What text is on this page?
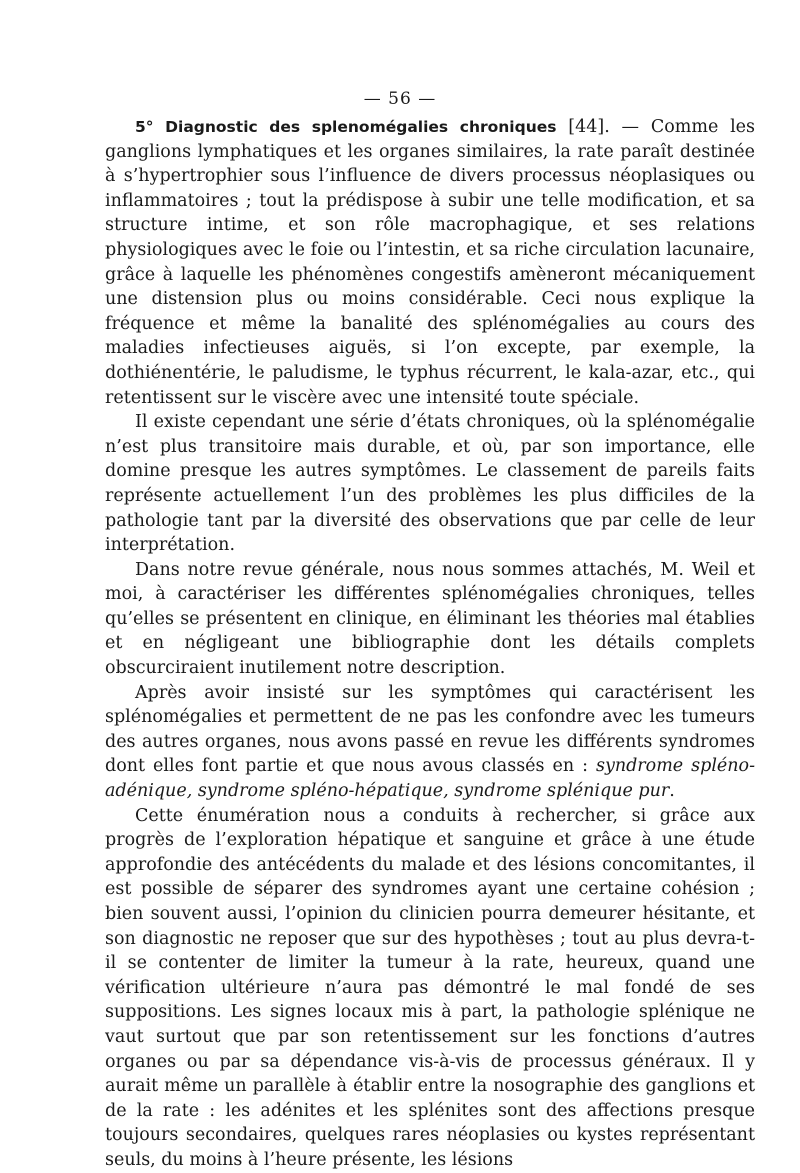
— 56 —

5° Diagnostic des splenomégalies chroniques [44]. — Comme les ganglions lymphatiques et les organes similaires, la rate paraît destinée à s’hypertrophier sous l’influence de divers processus néoplasiques ou inflammatoires ; tout la prédispose à subir une telle modification, et sa structure intime, et son rôle macrophagique, et ses relations physiologiques avec le foie ou l’intestin, et sa riche circulation lacunaire, grâce à laquelle les phénomènes congestifs amèneront mécaniquement une distension plus ou moins considérable. Ceci nous explique la fréquence et même la banalité des splénomégalies au cours des maladies infectieuses aiguës, si l’on excepte, par exemple, la dothiénentérie, le paludisme, le typhus récurrent, le kala-azar, etc., qui retentissent sur le viscère avec une intensité toute spéciale.

Il existe cependant une série d’états chroniques, où la splénomégalie n’est plus transitoire mais durable, et où, par son importance, elle domine presque les autres symptômes. Le classement de pareils faits représente actuellement l’un des problèmes les plus difficiles de la pathologie tant par la diversité des observations que par celle de leur interprétation.

Dans notre revue générale, nous nous sommes attachés, M. Weil et moi, à caractériser les différentes splénomégalies chroniques, telles qu’elles se présentent en clinique, en éliminant les théories mal établies et en négligeant une bibliographie dont les détails complets obscurciraient inutilement notre description.

Après avoir insisté sur les symptômes qui caractérisent les splénomégalies et permettent de ne pas les confondre avec les tumeurs des autres organes, nous avons passé en revue les différents syndromes dont elles font partie et que nous avous classés en : syndrome spléno-adénique, syndrome spléno-hépatique, syndrome splénique pur.

Cette énumération nous a conduits à rechercher, si grâce aux progrès de l’exploration hépatique et sanguine et grâce à une étude approfondie des antécédents du malade et des lésions concomitantes, il est possible de séparer des syndromes ayant une certaine cohésion ; bien souvent aussi, l’opinion du clinicien pourra demeurer hésitante, et son diagnostic ne reposer que sur des hypothèses ; tout au plus devra-t-il se contenter de limiter la tumeur à la rate, heureux, quand une vérification ultérieure n’aura pas démontré le mal fondé de ses suppositions. Les signes locaux mis à part, la pathologie splénique ne vaut surtout que par son retentissement sur les fonctions d’autres organes ou par sa dépendance vis-à-vis de processus généraux. Il y aurait même un parallèle à établir entre la nosographie des ganglions et de la rate : les adénites et les splénites sont des affections presque toujours secondaires, quelques rares néoplasies ou kystes représentant seuls, du moins à l’heure présente, les lésions
